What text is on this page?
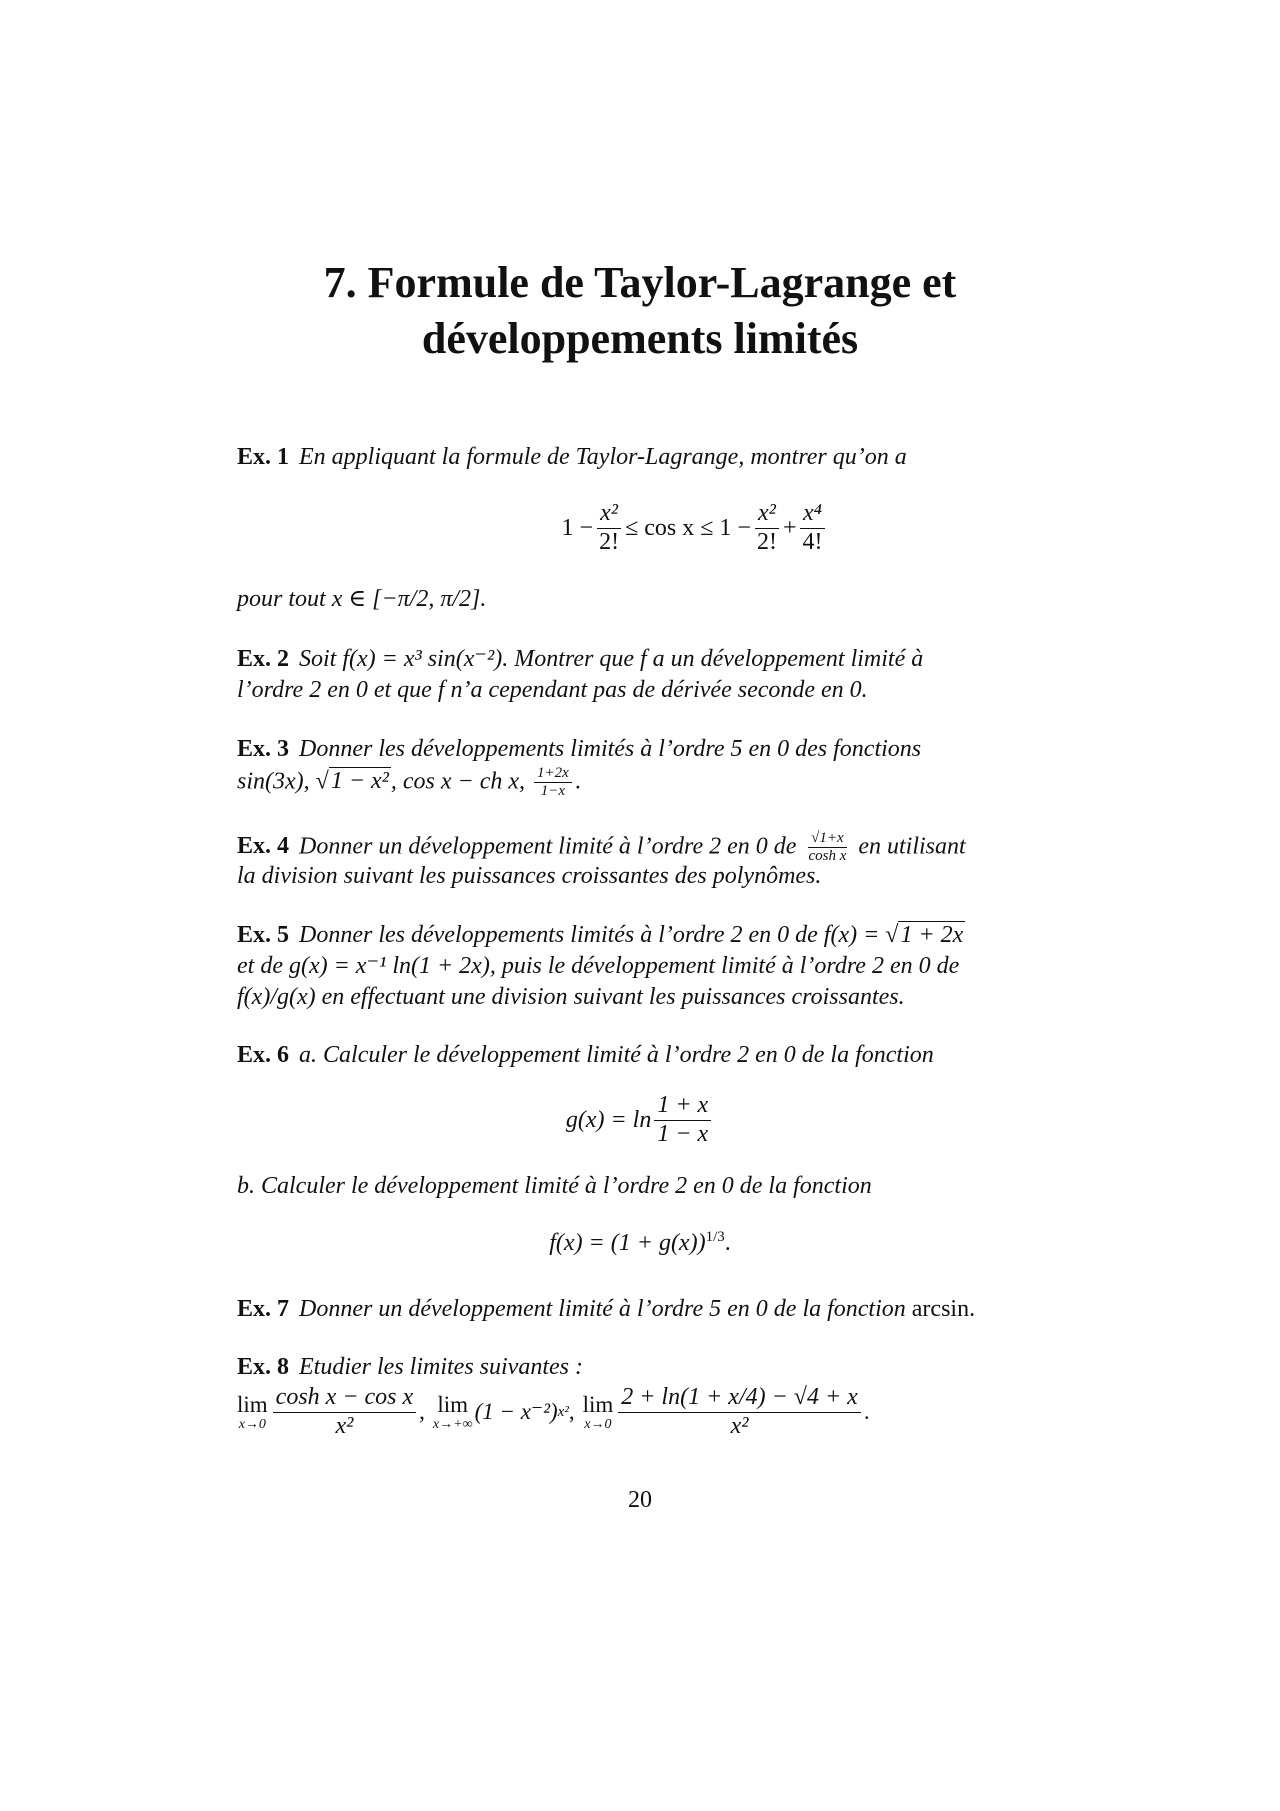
7. Formule de Taylor-Lagrange et
développements limités
Ex. 1 En appliquant la formule de Taylor-Lagrange, montrer qu’on a
$1 - \frac{\text{x²}}{2!} \le \cos x \le 1 - \frac{\text{x²}}{2!} + \frac{\text{x⁴}}{4!}$
pour tout x ∈ [−π/2, π/2].
Ex. 2 Soit f(x) = x³ sin(x⁻²). Montrer que f a un développement limité à
l’ordre 2 en 0 et que f n’a cependant pas de dérivée seconde en 0.
Ex. 3 Donner les développements limités à l’ordre 5 en 0 des fonctions
sin(3x), √1 − x², cos x − ch x, $\frac{1+2x}{1-x}$ .
Ex. 4 Donner un développement limité à l’ordre 2 en 0 de $\frac{√1+x}{\text{cosh x}}$ en utilisant
la division suivant les puissances croissantes des polynômes.
Ex. 5 Donner les développements limités à l’ordre 2 en 0 de f(x) = √1 + 2x
et de g(x) = x⁻¹ ln(1 + 2x), puis le développement limité à l’ordre 2 en 0 de
f(x)/g(x) en effectuant une division suivant les puissances croissantes.
Ex. 6 a. Calculer le développement limité à l’ordre 2 en 0 de la fonction
$g(x) = \ln \frac{1 + x}{1 - x}$
b. Calculer le développement limité à l’ordre 2 en 0 de la fonction
$f(x) = (1 + g(x))^{1/3}$.
Ex. 7 Donner un développement limité à l’ordre 5 en 0 de la fonction arcsin.
Ex. 8 Etudier les limites suivantes :
lim
$x\to 0 \frac{\text{cosh x − cos x}}{\text{x²}}$ , lim
x→+∞
(1 − x⁻²) x² , lim
$x\to 0 \frac{2 + \ln(1 + x/4) - √4 + x}{\text{x²}}$ .
20
